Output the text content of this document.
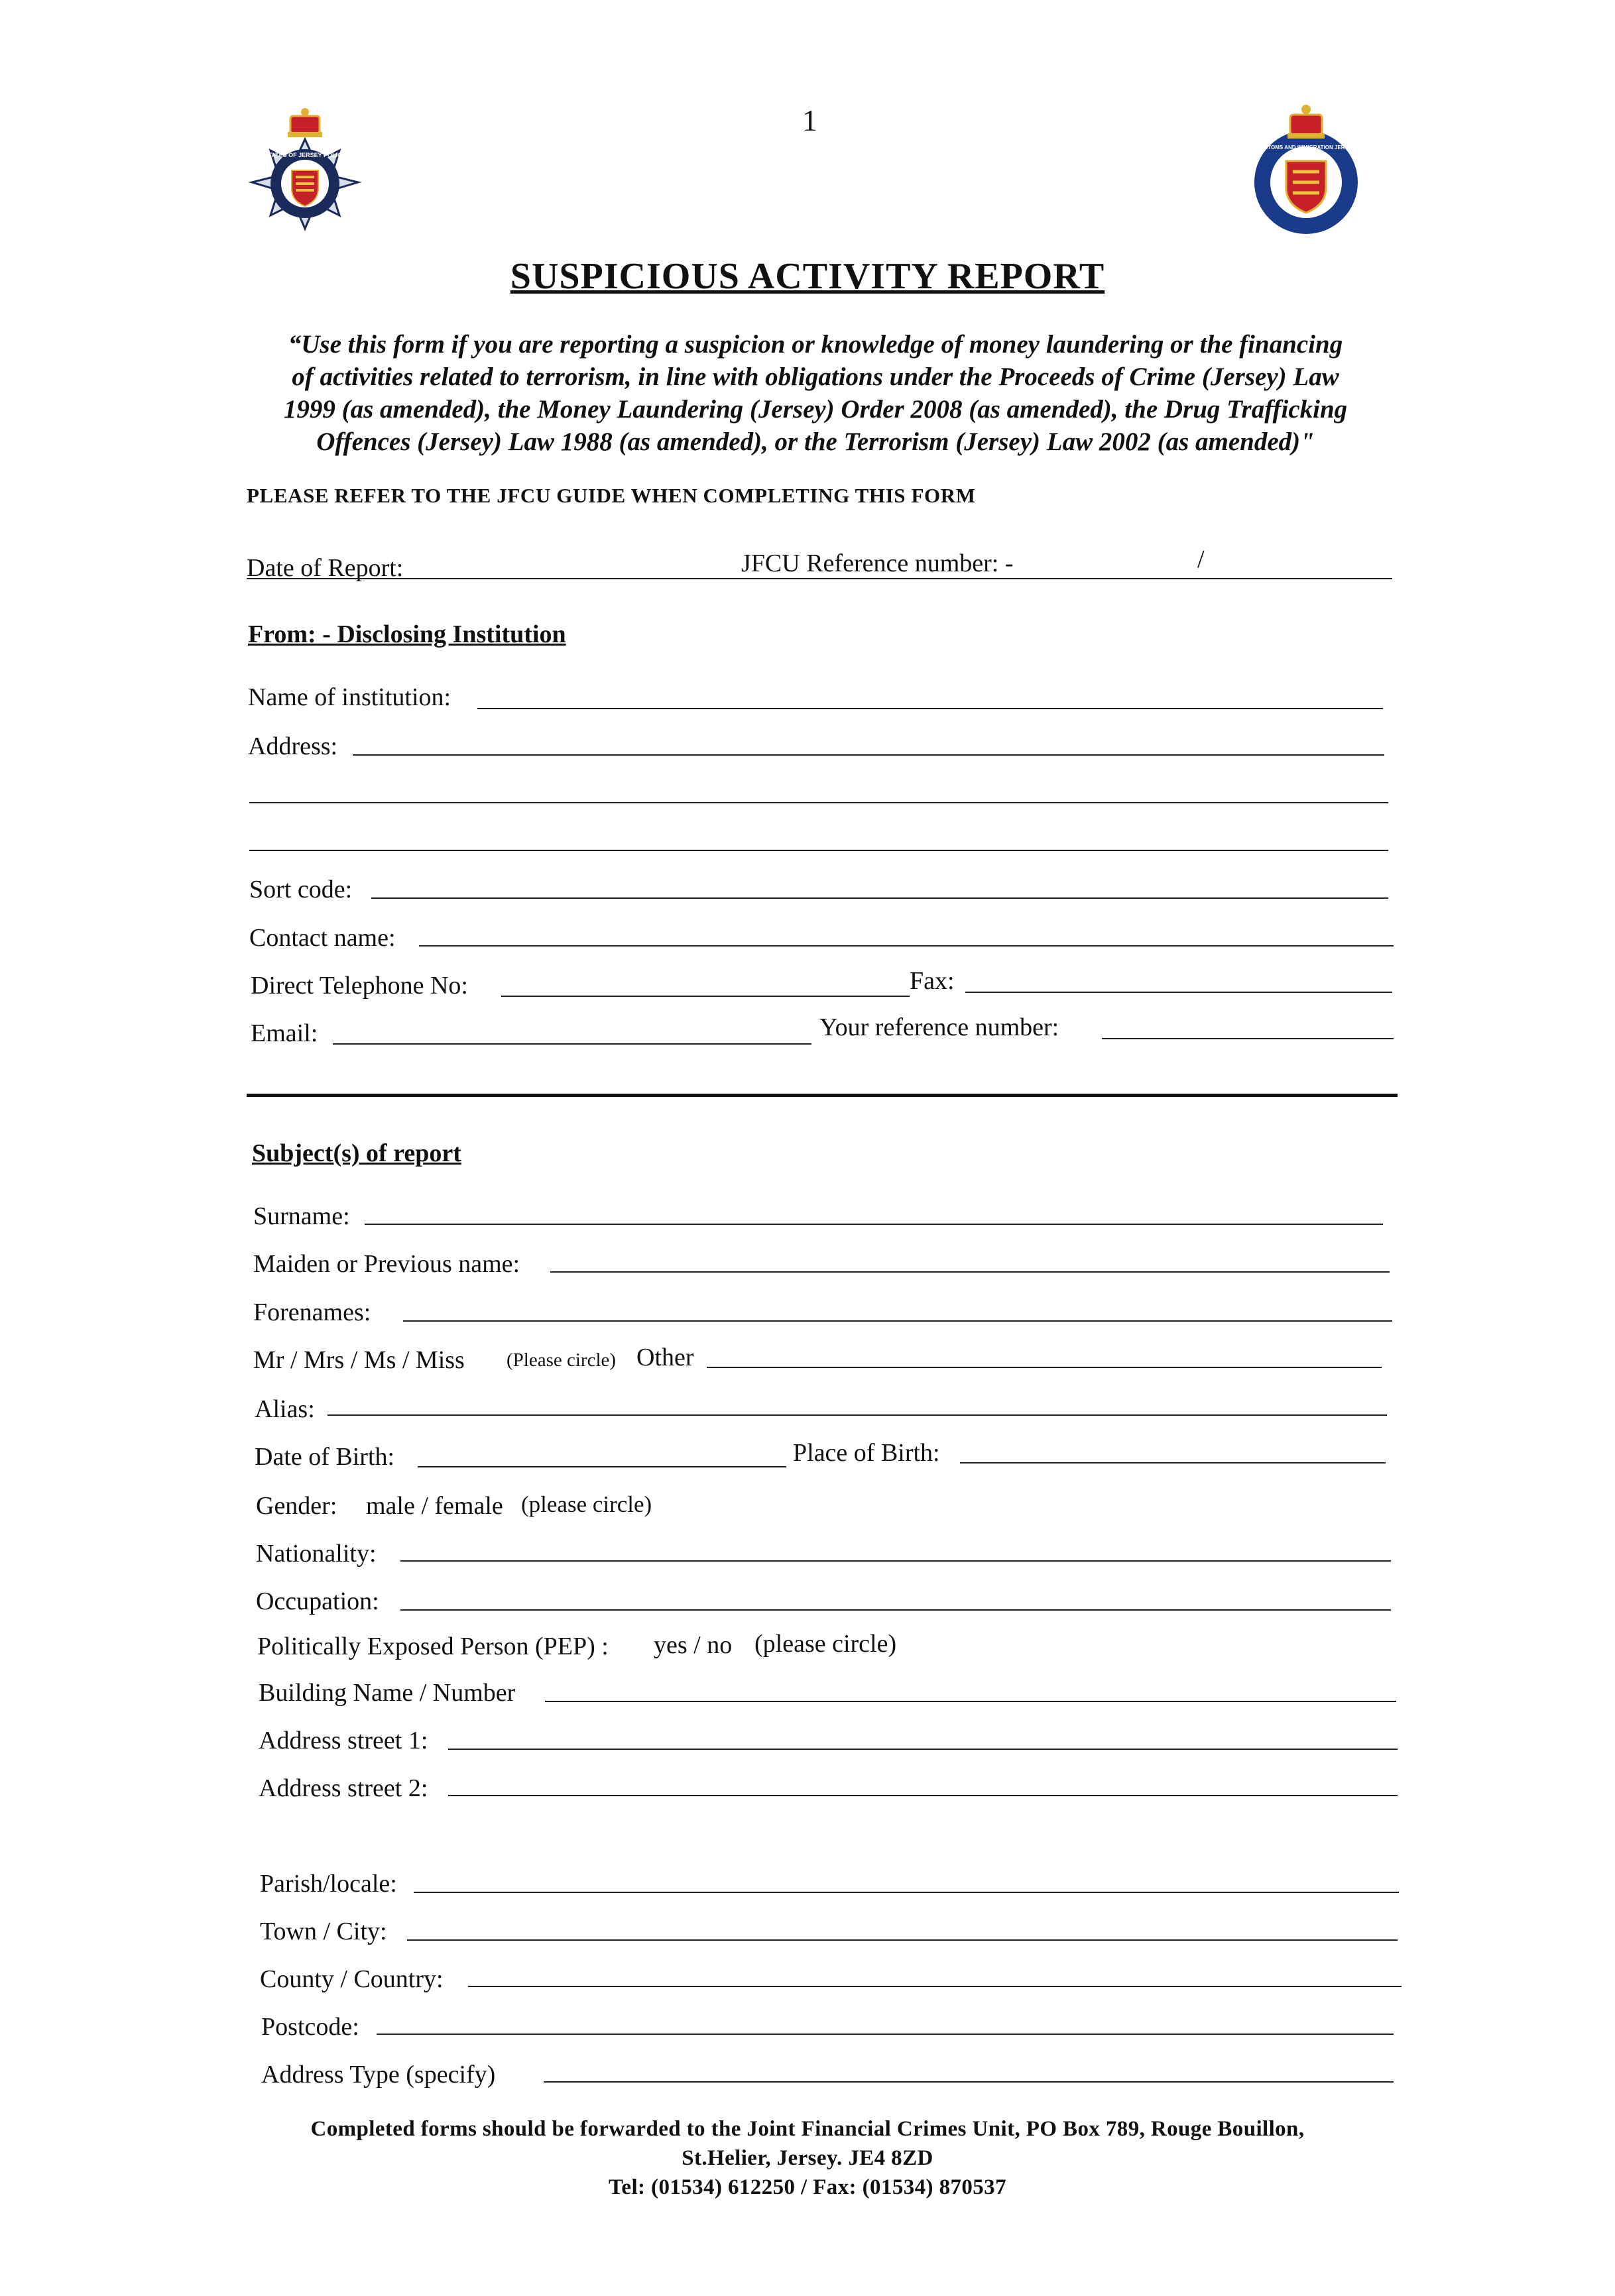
1
STATES OF JERSEY POLICE
CUSTOMS AND IMMIGRATION JERSEY
SUSPICIOUS ACTIVITY REPORT
“Use this form if you are reporting a suspicion or knowledge of money laundering or the financing
of activities related to terrorism, in line with obligations under the Proceeds of Crime (Jersey) Law
1999 (as amended), the Money Laundering (Jersey) Order 2008 (as amended), the Drug Trafficking
Offences (Jersey) Law 1988 (as amended), or the Terrorism (Jersey) Law 2002 (as amended)"
PLEASE REFER TO THE JFCU GUIDE WHEN COMPLETING THIS FORM
Date of Report:	JFCU Reference number: -	/
From: - Disclosing Institution
Name of institution:
Address:
Sort code:
Contact name:
Direct Telephone No:	Fax:
Email:	Your reference number:
Subject(s) of report
Surname:
Maiden or Previous name:
Forenames:
Mr / Mrs / Ms / Miss (Please circle) Other
Alias:
Date of Birth:	Place of Birth:
Gender: male / female (please circle)
Nationality:
Occupation:
Politically Exposed Person (PEP) : yes / no (please circle)
Building Name / Number
Address street 1:
Address street 2:
Parish/locale:
Town / City:
County / Country:
Postcode:
Address Type (specify)
Completed forms should be forwarded to the Joint Financial Crimes Unit, PO Box 789, Rouge Bouillon,
St.Helier, Jersey. JE4 8ZD
Tel: (01534) 612250 / Fax: (01534) 870537
